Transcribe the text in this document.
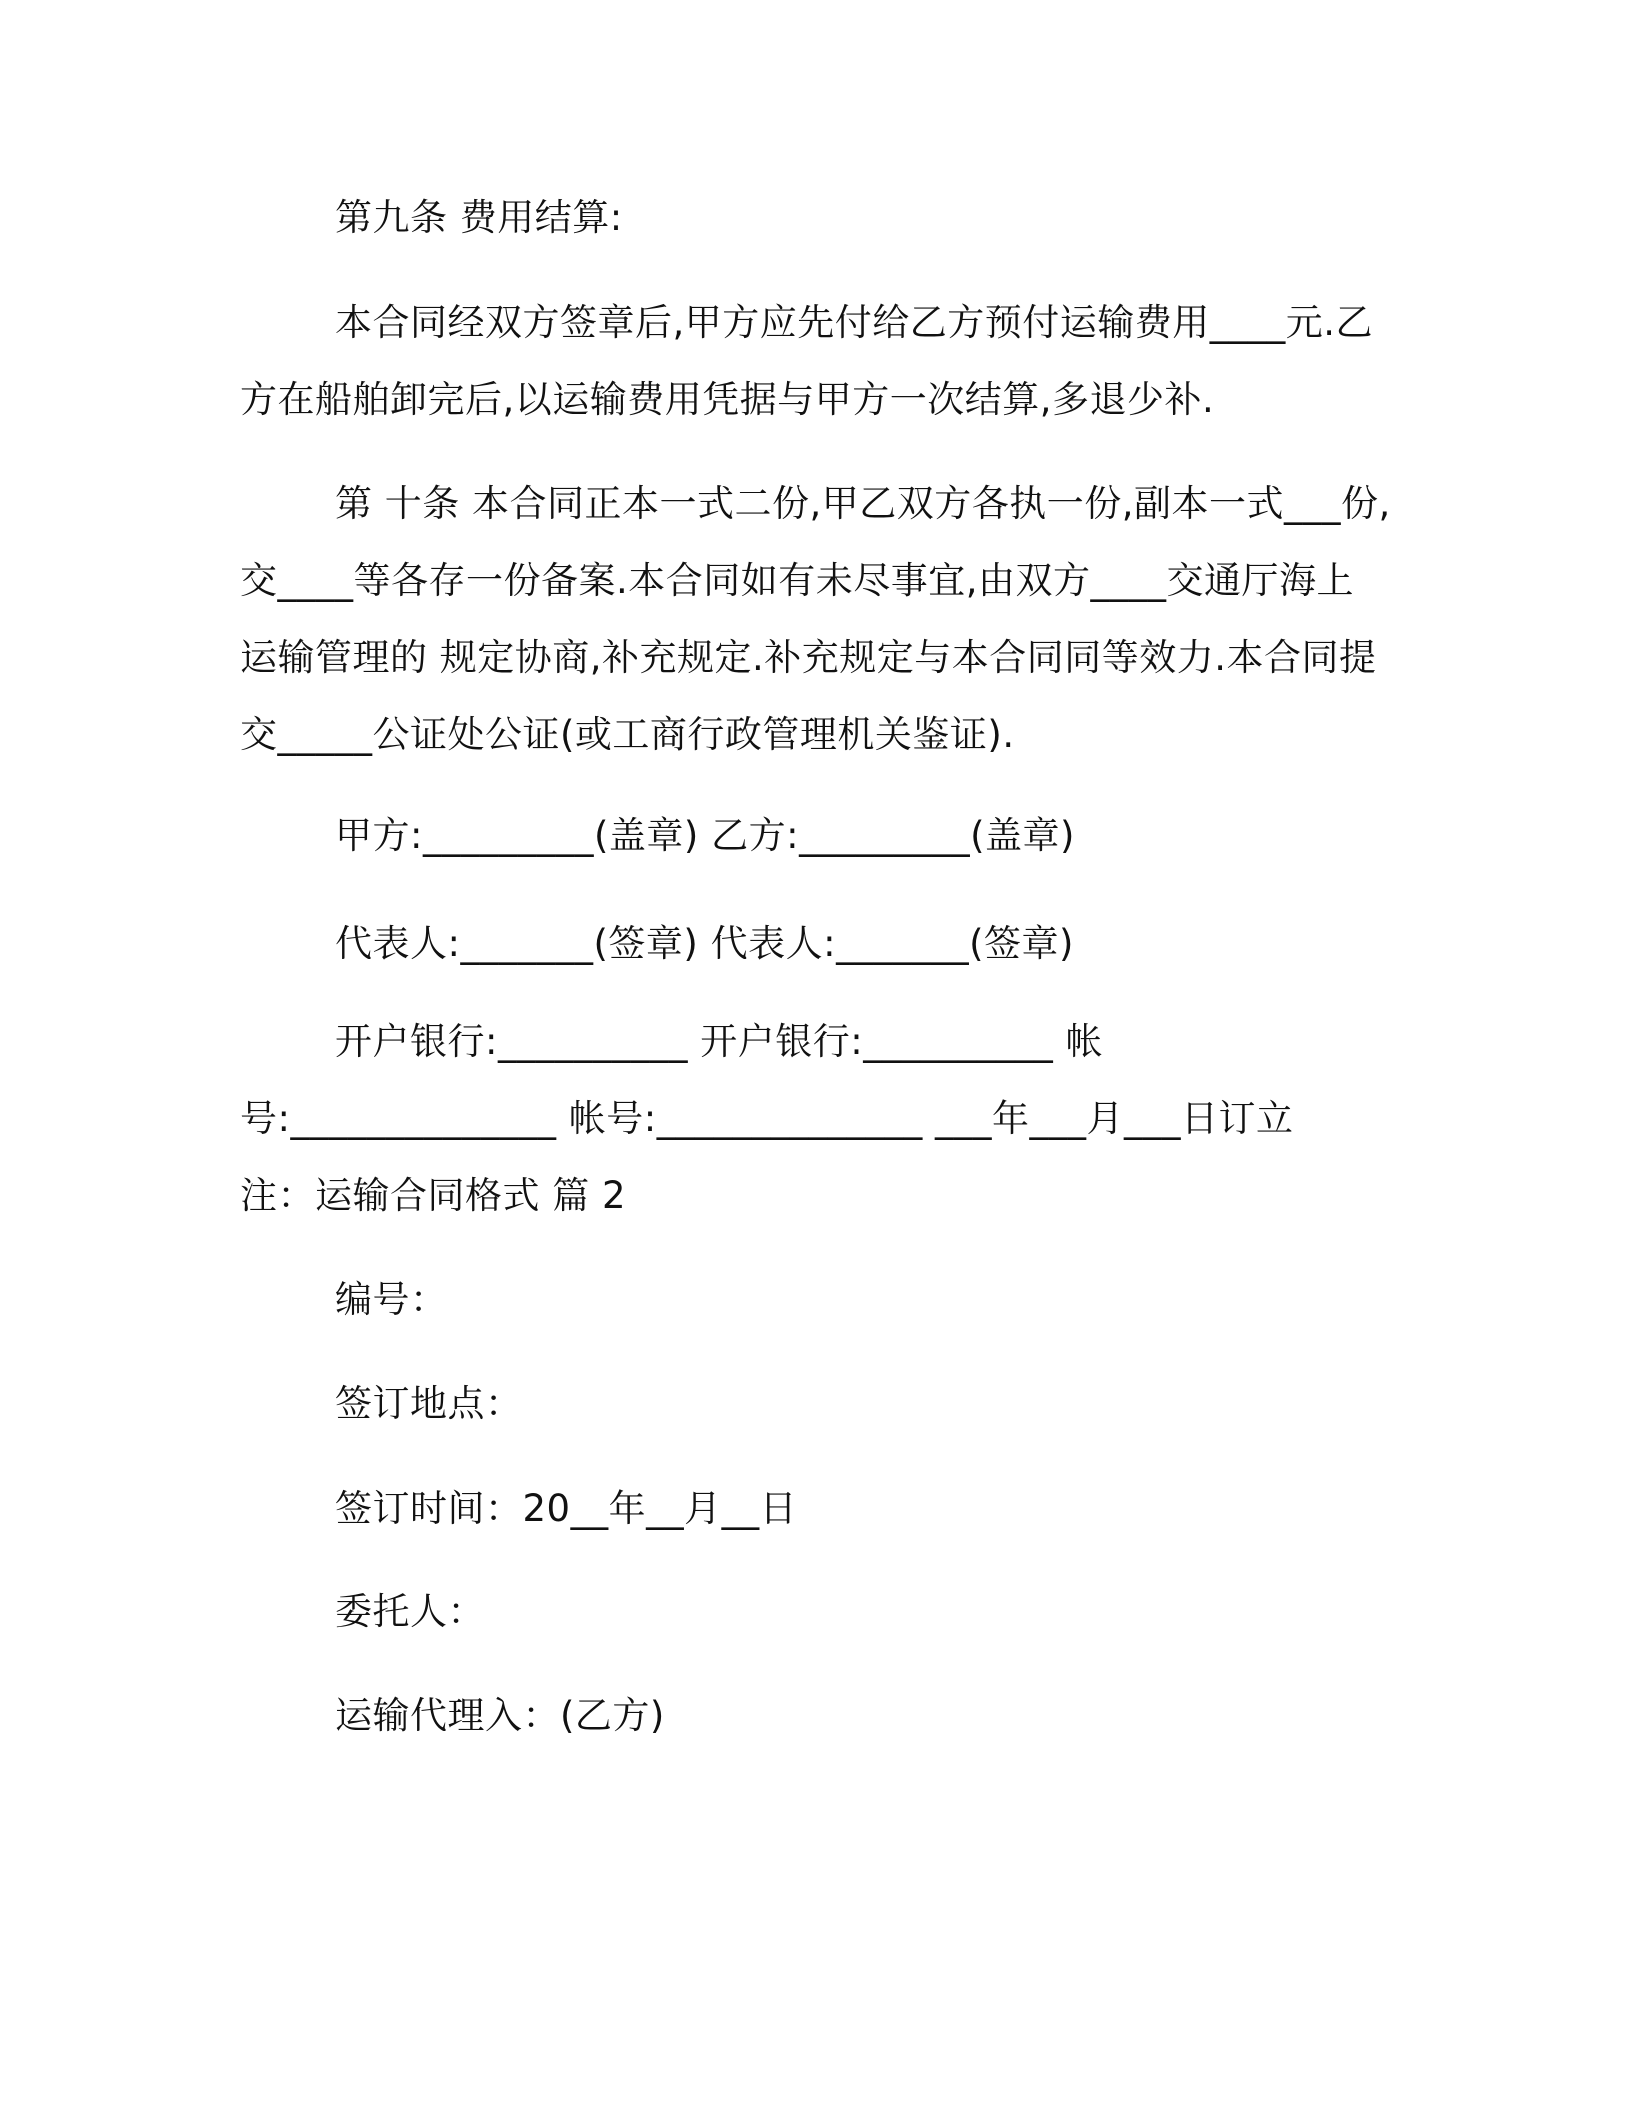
第九条 费用结算:
本合同经双方签章后,甲方应先付给乙方预付运输费用____元.乙
方在船舶卸完后,以运输费用凭据与甲方一次结算,多退少补.
第 十条 本合同正本一式二份,甲乙双方各执一份,副本一式___份,
交____等各存一份备案.本合同如有未尽事宜,由双方____交通厅海上
运输管理的 规定协商,补充规定.补充规定与本合同同等效力.本合同提
交_____公证处公证(或工商行政管理机关鉴证).
甲方:_________(盖章) 乙方:_________(盖章)
代表人:_______(签章) 代表人:_______(签章)
开户银行:__________ 开户银行:__________ 帐
号:______________ 帐号:______________ ___年___月___日订立
注：运输合同格式 篇 2
编号：
签订地点：
签订时间：20__年__月__日
委托人：
运输代理入：(乙方)
